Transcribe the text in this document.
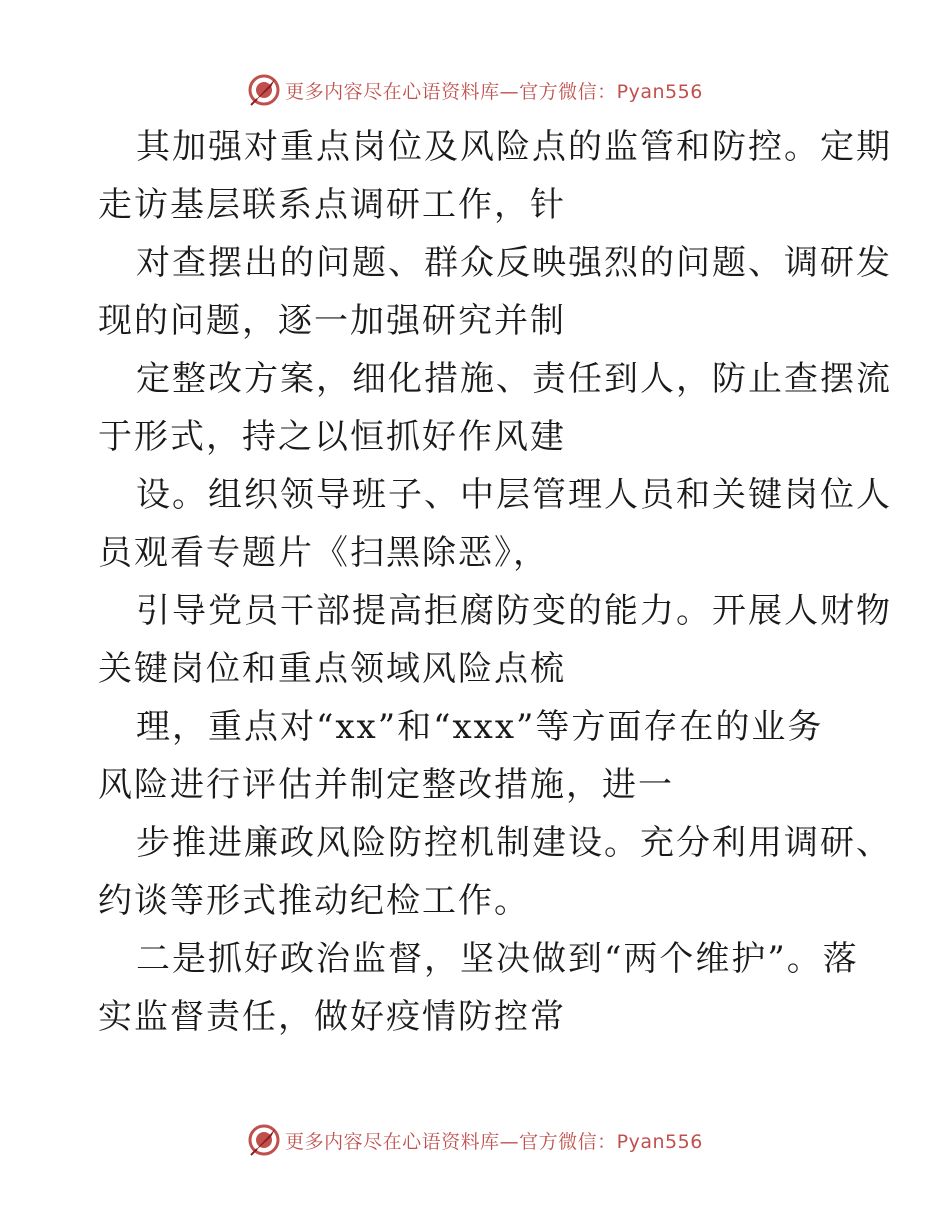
更多内容尽在心语资料库—官方微信：Pyan556

其加强对重点岗位及风险点的监管和防控。定期
走访基层联系点调研工作，针

对查摆出的问题、群众反映强烈的问题、调研发
现的问题，逐一加强研究并制

定整改方案，细化措施、责任到人，防止查摆流
于形式，持之以恒抓好作风建

设。组织领导班子、中层管理人员和关键岗位人
员观看专题片《扫黑除恶》，

引导党员干部提高拒腐防变的能力。开展人财物
关键岗位和重点领域风险点梳

理，重点对“xx”和“xxx”等方面存在的业务
风险进行评估并制定整改措施，进一

步推进廉政风险防控机制建设。充分利用调研、
约谈等形式推动纪检工作。

二是抓好政治监督，坚决做到“两个维护”。落
实监督责任，做好疫情防控常

更多内容尽在心语资料库—官方微信：Pyan556
